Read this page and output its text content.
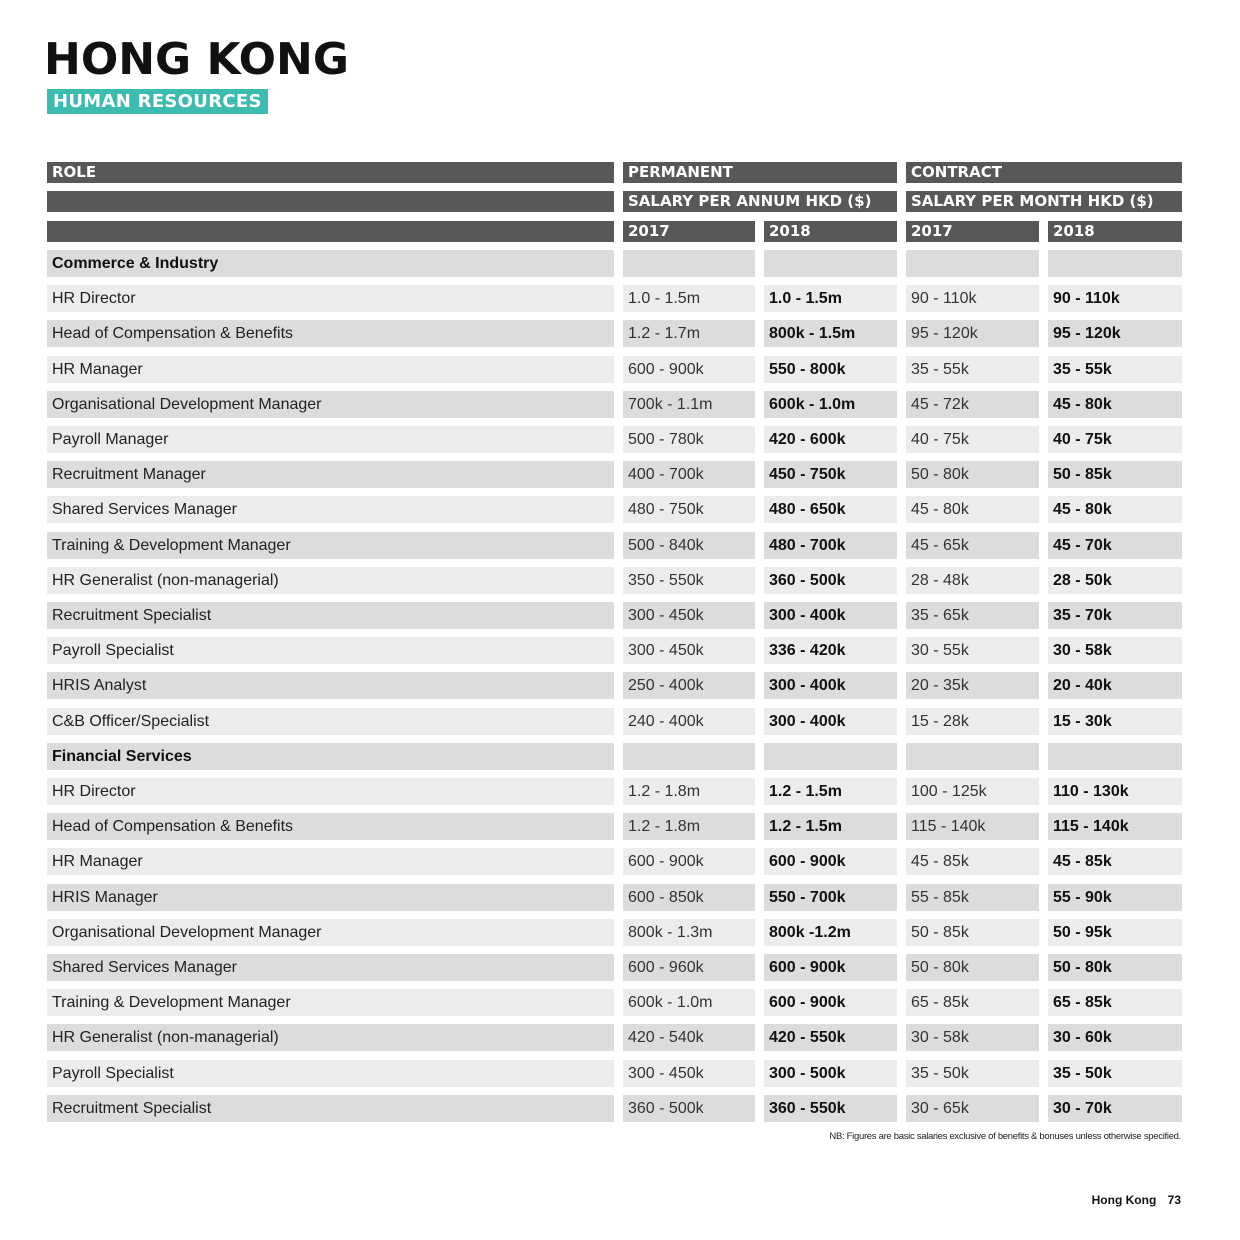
HONG KONG
HUMAN RESOURCES
ROLE	PERMANENT	CONTRACT
SALARY PER ANNUM HKD ($)	SALARY PER MONTH HKD ($)
2017	2018	2017	2018
Commerce & Industry
HR Director	1.0 - 1.5m	1.0 - 1.5m	90 - 110k	90 - 110k
Head of Compensation & Benefits	1.2 - 1.7m	800k - 1.5m	95 - 120k	95 - 120k
HR Manager	600 - 900k	550 - 800k	35 - 55k	35 - 55k
Organisational Development Manager	700k - 1.1m	600k - 1.0m	45 - 72k	45 - 80k
Payroll Manager	500 - 780k	420 - 600k	40 - 75k	40 - 75k
Recruitment Manager	400 - 700k	450 - 750k	50 - 80k	50 - 85k
Shared Services Manager	480 - 750k	480 - 650k	45 - 80k	45 - 80k
Training & Development Manager	500 - 840k	480 - 700k	45 - 65k	45 - 70k
HR Generalist (non-managerial)	350 - 550k	360 - 500k	28 - 48k	28 - 50k
Recruitment Specialist	300 - 450k	300 - 400k	35 - 65k	35 - 70k
Payroll Specialist	300 - 450k	336 - 420k	30 - 55k	30 - 58k
HRIS Analyst	250 - 400k	300 - 400k	20 - 35k	20 - 40k
C&B Officer/Specialist	240 - 400k	300 - 400k	15 - 28k	15 - 30k
Financial Services
HR Director	1.2 - 1.8m	1.2 - 1.5m	100 - 125k	110 - 130k
Head of Compensation & Benefits	1.2 - 1.8m	1.2 - 1.5m	115 - 140k	115 - 140k
HR Manager	600 - 900k	600 - 900k	45 - 85k	45 - 85k
HRIS Manager	600 - 850k	550 - 700k	55 - 85k	55 - 90k
Organisational Development Manager	800k - 1.3m	800k -1.2m	50 - 85k	50 - 95k
Shared Services Manager	600 - 960k	600 - 900k	50 - 80k	50 - 80k
Training & Development Manager	600k - 1.0m	600 - 900k	65 - 85k	65 - 85k
HR Generalist (non-managerial)	420 - 540k	420 - 550k	30 - 58k	30 - 60k
Payroll Specialist	300 - 450k	300 - 500k	35 - 50k	35 - 50k
Recruitment Specialist	360 - 500k	360 - 550k	30 - 65k	30 - 70k
NB: Figures are basic salaries exclusive of benefits & bonuses unless otherwise specified.
Hong Kong 73
